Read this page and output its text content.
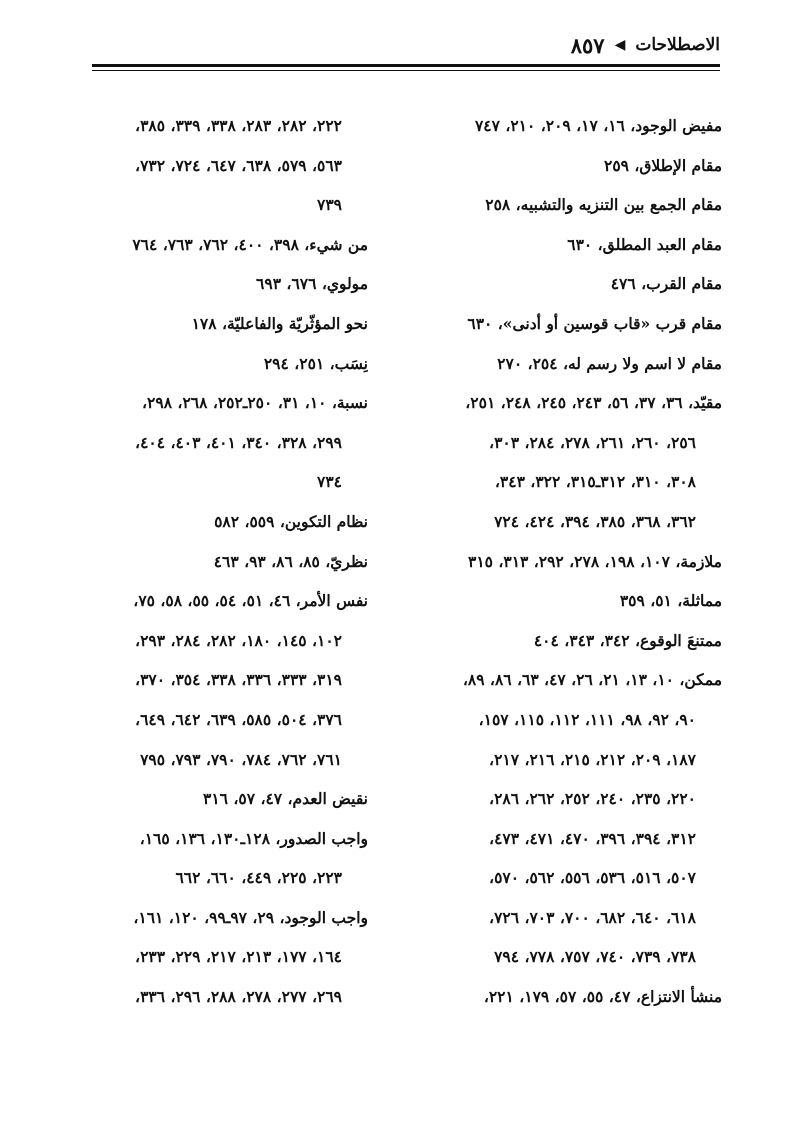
الاصطلاحات
◀
٨٥٧
مفيض الوجود، ١٦، ١٧، ٢٠٩، ٢١٠، ٧٤٧
مقام الإطلاق، ٢٥٩
مقام الجمع بين التنزيه والتشبيه، ٢٥٨
مقام العبد المطلق، ٦٣٠
مقام القرب، ٤٧٦
مقام قرب «قاب قوسين أو أدنى»، ٦٣٠
مقام لا اسم ولا رسم له، ٢٥٤، ٢٧٠
مقيّد، ٣٦، ٣٧، ٥٦، ٢٤٣، ٢٤٥، ٢٤٨، ٢٥١،
٢٥٦، ٢٦٠، ٢٦١، ٢٧٨، ٢٨٤، ٣٠٣،
٣٠٨، ٣١٠، ٣١٢ـ٣١٥، ٣٢٢، ٣٤٣،
٣٦٢، ٣٦٨، ٣٨٥، ٣٩٤، ٤٢٤، ٧٢٤
ملازمة، ١٠٧، ١٩٨، ٢٧٨، ٢٩٢، ٣١٣، ٣١٥
مماثلة، ٥١، ٣٥٩
ممتنعَ الوقوع، ٣٤٢، ٣٤٣، ٤٠٤
ممكن، ١٠، ١٣، ٢١، ٢٦، ٤٧، ٦٣، ٨٦، ٨٩،
٩٠، ٩٢، ٩٨، ١١١، ١١٢، ١١٥، ١٥٧،
١٨٧، ٢٠٩، ٢١٢، ٢١٥، ٢١٦، ٢١٧،
٢٢٠، ٢٣٥، ٢٤٠، ٢٥٢، ٢٦٢، ٢٨٦،
٣١٢، ٣٩٤، ٣٩٦، ٤٧٠، ٤٧١، ٤٧٣،
٥٠٧، ٥١٦، ٥٣٦، ٥٥٦، ٥٦٢، ٥٧٠،
٦١٨، ٦٤٠، ٦٨٢، ٧٠٠، ٧٠٣، ٧٢٦،
٧٣٨، ٧٣٩، ٧٤٠، ٧٥٧، ٧٧٨، ٧٩٤
منشأ الانتزاع، ٤٧، ٥٥، ٥٧، ١٧٩، ٢٢١،
٢٢٢، ٢٨٢، ٢٨٣، ٣٣٨، ٣٣٩، ٣٨٥،
٥٦٣، ٥٧٩، ٦٣٨، ٦٤٧، ٧٢٤، ٧٣٢،
٧٣٩
من شيء، ٣٩٨، ٤٠٠، ٧٦٢، ٧٦٣، ٧٦٤
مولوي، ٦٧٦، ٦٩٣
نحو المؤثّريّة والفاعليّة، ١٧٨
نِسَب، ٢٥١، ٢٩٤
نسبة، ١٠، ٣١، ٢٥٠ـ٢٥٢، ٢٦٨، ٢٩٨،
٢٩٩، ٣٢٨، ٣٤٠، ٤٠١، ٤٠٣، ٤٠٤،
٧٣٤
نظام التكوين، ٥٥٩، ٥٨٢
نظريّ، ٨٥، ٨٦، ٩٣، ٤٦٣
نفس الأمر، ٤٦، ٥١، ٥٤، ٥٥، ٥٨، ٧٥،
١٠٢، ١٤٥، ١٨٠، ٢٨٢، ٢٨٤، ٢٩٣،
٣١٩، ٣٣٣، ٣٣٦، ٣٣٨، ٣٥٤، ٣٧٠،
٣٧٦، ٥٠٤، ٥٨٥، ٦٣٩، ٦٤٢، ٦٤٩،
٧٦١، ٧٦٢، ٧٨٤، ٧٩٠، ٧٩٣، ٧٩٥
نقيض العدم، ٤٧، ٥٧، ٣١٦
واجب الصدور، ١٢٨ـ١٣٠، ١٣٦، ١٦٥،
٢٢٣، ٢٢٥، ٤٤٩، ٦٦٠، ٦٦٢
واجب الوجود، ٢٩، ٩٧ـ٩٩، ١٢٠، ١٦١،
١٦٤، ١٧٧، ٢١٣، ٢١٧، ٢٢٩، ٢٣٣،
٢٦٩، ٢٧٧، ٢٧٨، ٢٨٨، ٢٩٦، ٣٣٦،
